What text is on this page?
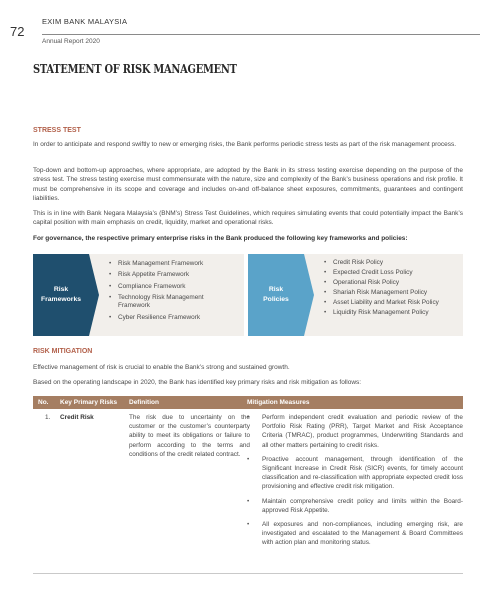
72
EXIM BANK MALAYSIA
Annual Report 2020
STATEMENT OF RISK MANAGEMENT
STRESS TEST

In order to anticipate and respond swiftly to new or emerging risks, the Bank performs periodic stress tests as part of the risk management process.

Top-down and bottom-up approaches, where appropriate, are adopted by the Bank in its stress testing exercise depending on the purpose of the stress test. The stress testing exercise must commensurate with the nature, size and complexity of the Bank’s business operations and risk profile. It must be comprehensive in its scope and coverage and includes on-and off-balance sheet exposures, commitments, guarantees and contingent liabilities.

This is in line with Bank Negara Malaysia’s (BNM’s) Stress Test Guidelines, which requires simulating events that could potentially impact the Bank’s capital position with main emphasis on credit, liquidity, market and operational risks.

For governance, the respective primary enterprise risks in the Bank produced the following key frameworks and policies:

Risk
Frameworks
• Risk Management Framework
• Risk Appetite Framework
• Compliance Framework
• Technology Risk Management Framework
• Cyber Resilience Framework
Risk
Policies
• Credit Risk Policy
• Expected Credit Loss Policy
• Operational Risk Policy
• Shariah Risk Management Policy
• Asset Liability and Market Risk Policy
• Liquidity Risk Management Policy
RISK MITIGATION

Effective management of risk is crucial to enable the Bank’s strong and sustained growth.

Based on the operating landscape in 2020, the Bank has identified key primary risks and risk mitigation as follows:

No. Key Primary Risks Definition	Mitigation Measures
1. Credit Risk	The risk due to uncertainty on the customer or the customer’s counterparty ability to meet its obligations or failure to perform according to the terms and conditions of the credit related contract.
• Perform independent credit evaluation and periodic review of the Portfolio Risk Rating (PRR), Target Market and Risk Acceptance Criteria (TMRAC), product programmes, Underwriting Standards and all other matters pertaining to credit risks.
• Proactive account management, through identification of the Significant Increase in Credit Risk (SICR) events, for timely account classification and re-classification with appropriate expected credit loss provisioning and effective credit risk mitigation.
• Maintain comprehensive credit policy and limits within the Board-approved Risk Appetite.
• All exposures and non-compliances, including emerging risk, are investigated and escalated to the Management & Board Committees with action plan and monitoring status.
